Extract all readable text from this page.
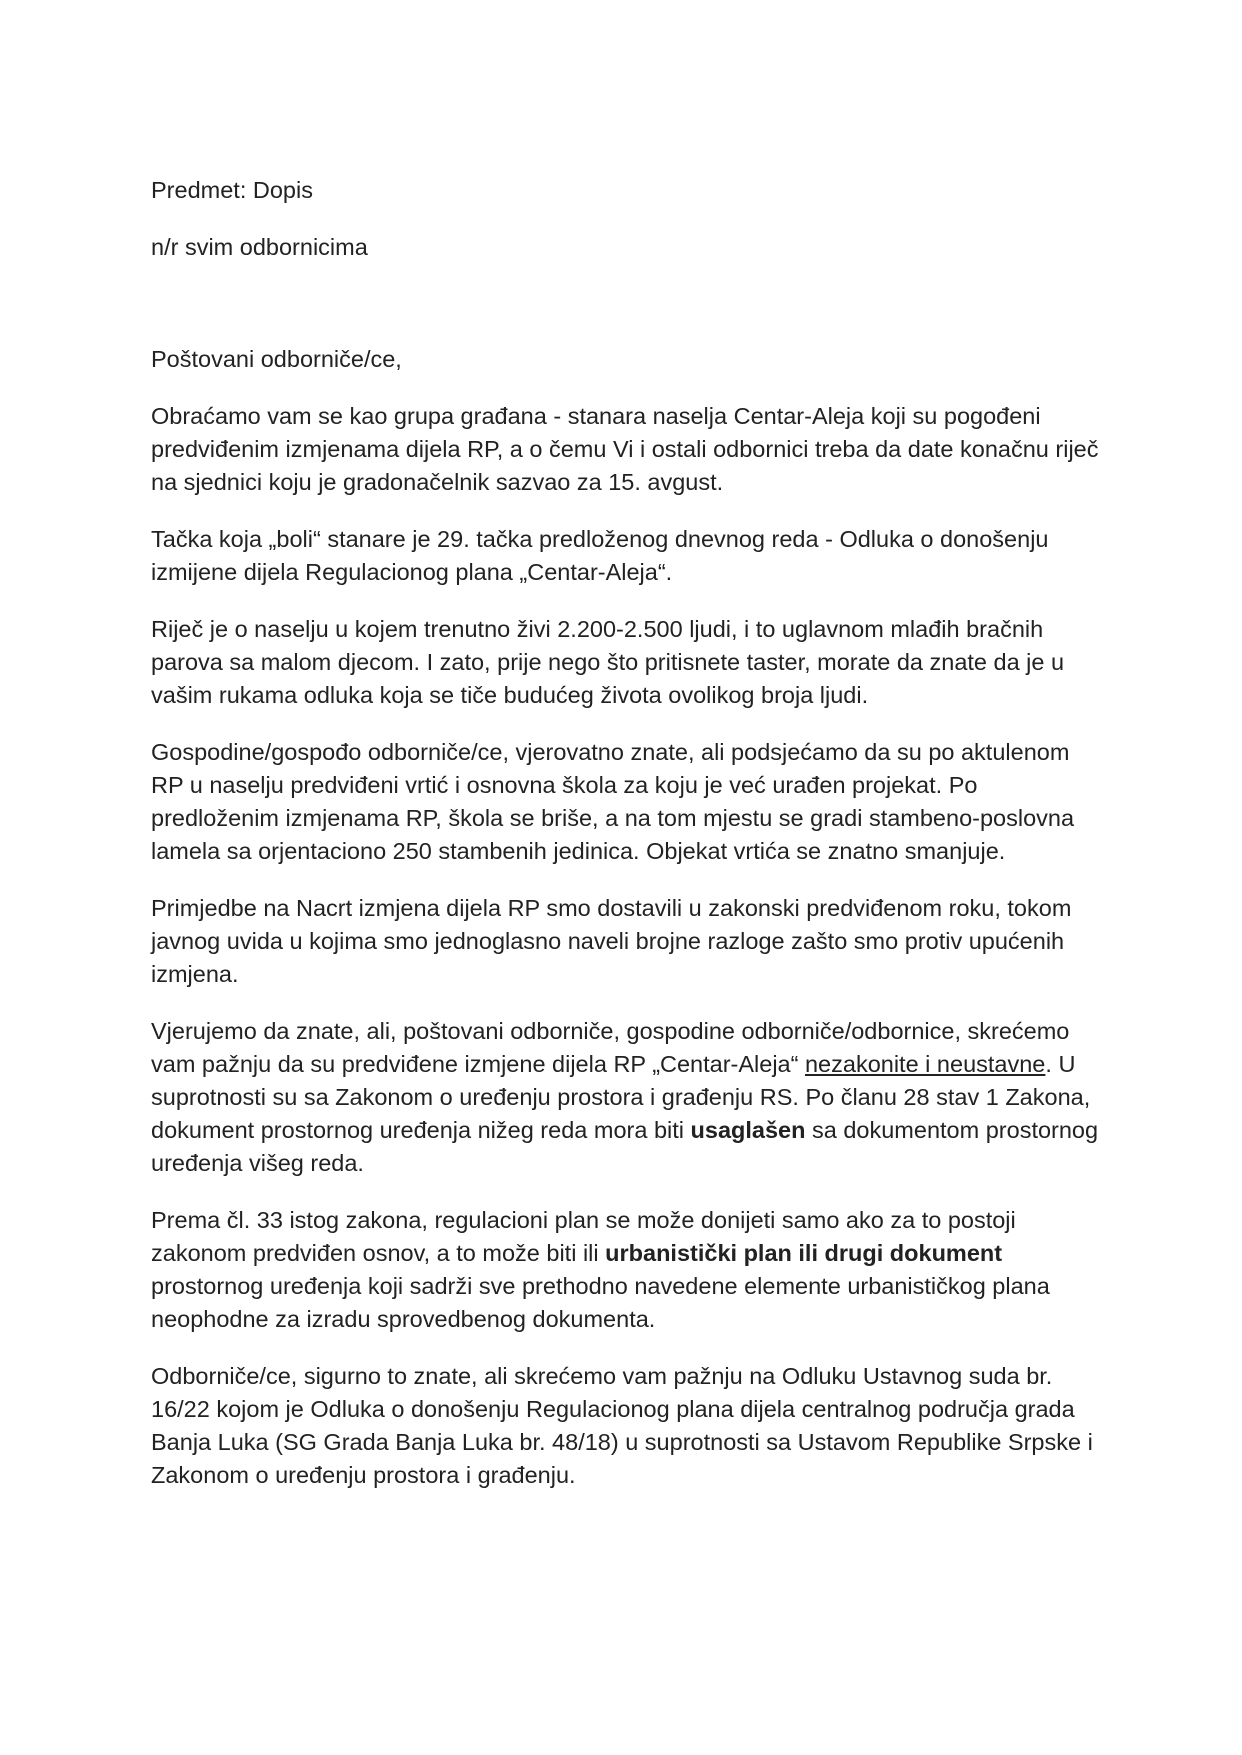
Predmet: Dopis

n/r svim odbornicima

Poštovani odborniče/ce,

Obraćamo vam se kao grupa građana - stanara naselja Centar-Aleja koji su pogođeni predviđenim izmjenama dijela RP, a o čemu Vi i ostali odbornici treba da date konačnu riječ na sjednici koju je gradonačelnik sazvao za 15. avgust.

Tačka koja „boli“ stanare je 29. tačka predloženog dnevnog reda - Odluka o donošenju izmijene dijela Regulacionog plana „Centar-Aleja“.

Riječ je o naselju u kojem trenutno živi 2.200-2.500 ljudi, i to uglavnom mlađih bračnih parova sa malom djecom. I zato, prije nego što pritisnete taster, morate da znate da je u vašim rukama odluka koja se tiče budućeg života ovolikog broja ljudi.

Gospodine/gospođo odborniče/ce, vjerovatno znate, ali podsjećamo da su po aktulenom RP u naselju predviđeni vrtić i osnovna škola za koju je već urađen projekat. Po predloženim izmjenama RP, škola se briše, a na tom mjestu se gradi stambeno-poslovna lamela sa orjentaciono 250 stambenih jedinica. Objekat vrtića se znatno smanjuje.

Primjedbe na Nacrt izmjena dijela RP smo dostavili u zakonski predviđenom roku, tokom javnog uvida u kojima smo jednoglasno naveli brojne razloge zašto smo protiv upućenih izmjena.

Vjerujemo da znate, ali, poštovani odborniče, gospodine odborniče/odbornice, skrećemo vam pažnju da su predviđene izmjene dijela RP „Centar-Aleja“ nezakonite i neustavne. U suprotnosti su sa Zakonom o uređenju prostora i građenju RS. Po članu 28 stav 1 Zakona, dokument prostornog uređenja nižeg reda mora biti usaglašen sa dokumentom prostornog uređenja višeg reda.

Prema čl. 33 istog zakona, regulacioni plan se može donijeti samo ako za to postoji zakonom predviđen osnov, a to može biti ili urbanistički plan ili drugi dokument prostornog uređenja koji sadrži sve prethodno navedene elemente urbanističkog plana neophodne za izradu sprovedbenog dokumenta.

Odborniče/ce, sigurno to znate, ali skrećemo vam pažnju na Odluku Ustavnog suda br. 16/22 kojom je Odluka o donošenju Regulacionog plana dijela centralnog područja grada Banja Luka (SG Grada Banja Luka br. 48/18) u suprotnosti sa Ustavom Republike Srpske i Zakonom o uređenju prostora i građenju.
